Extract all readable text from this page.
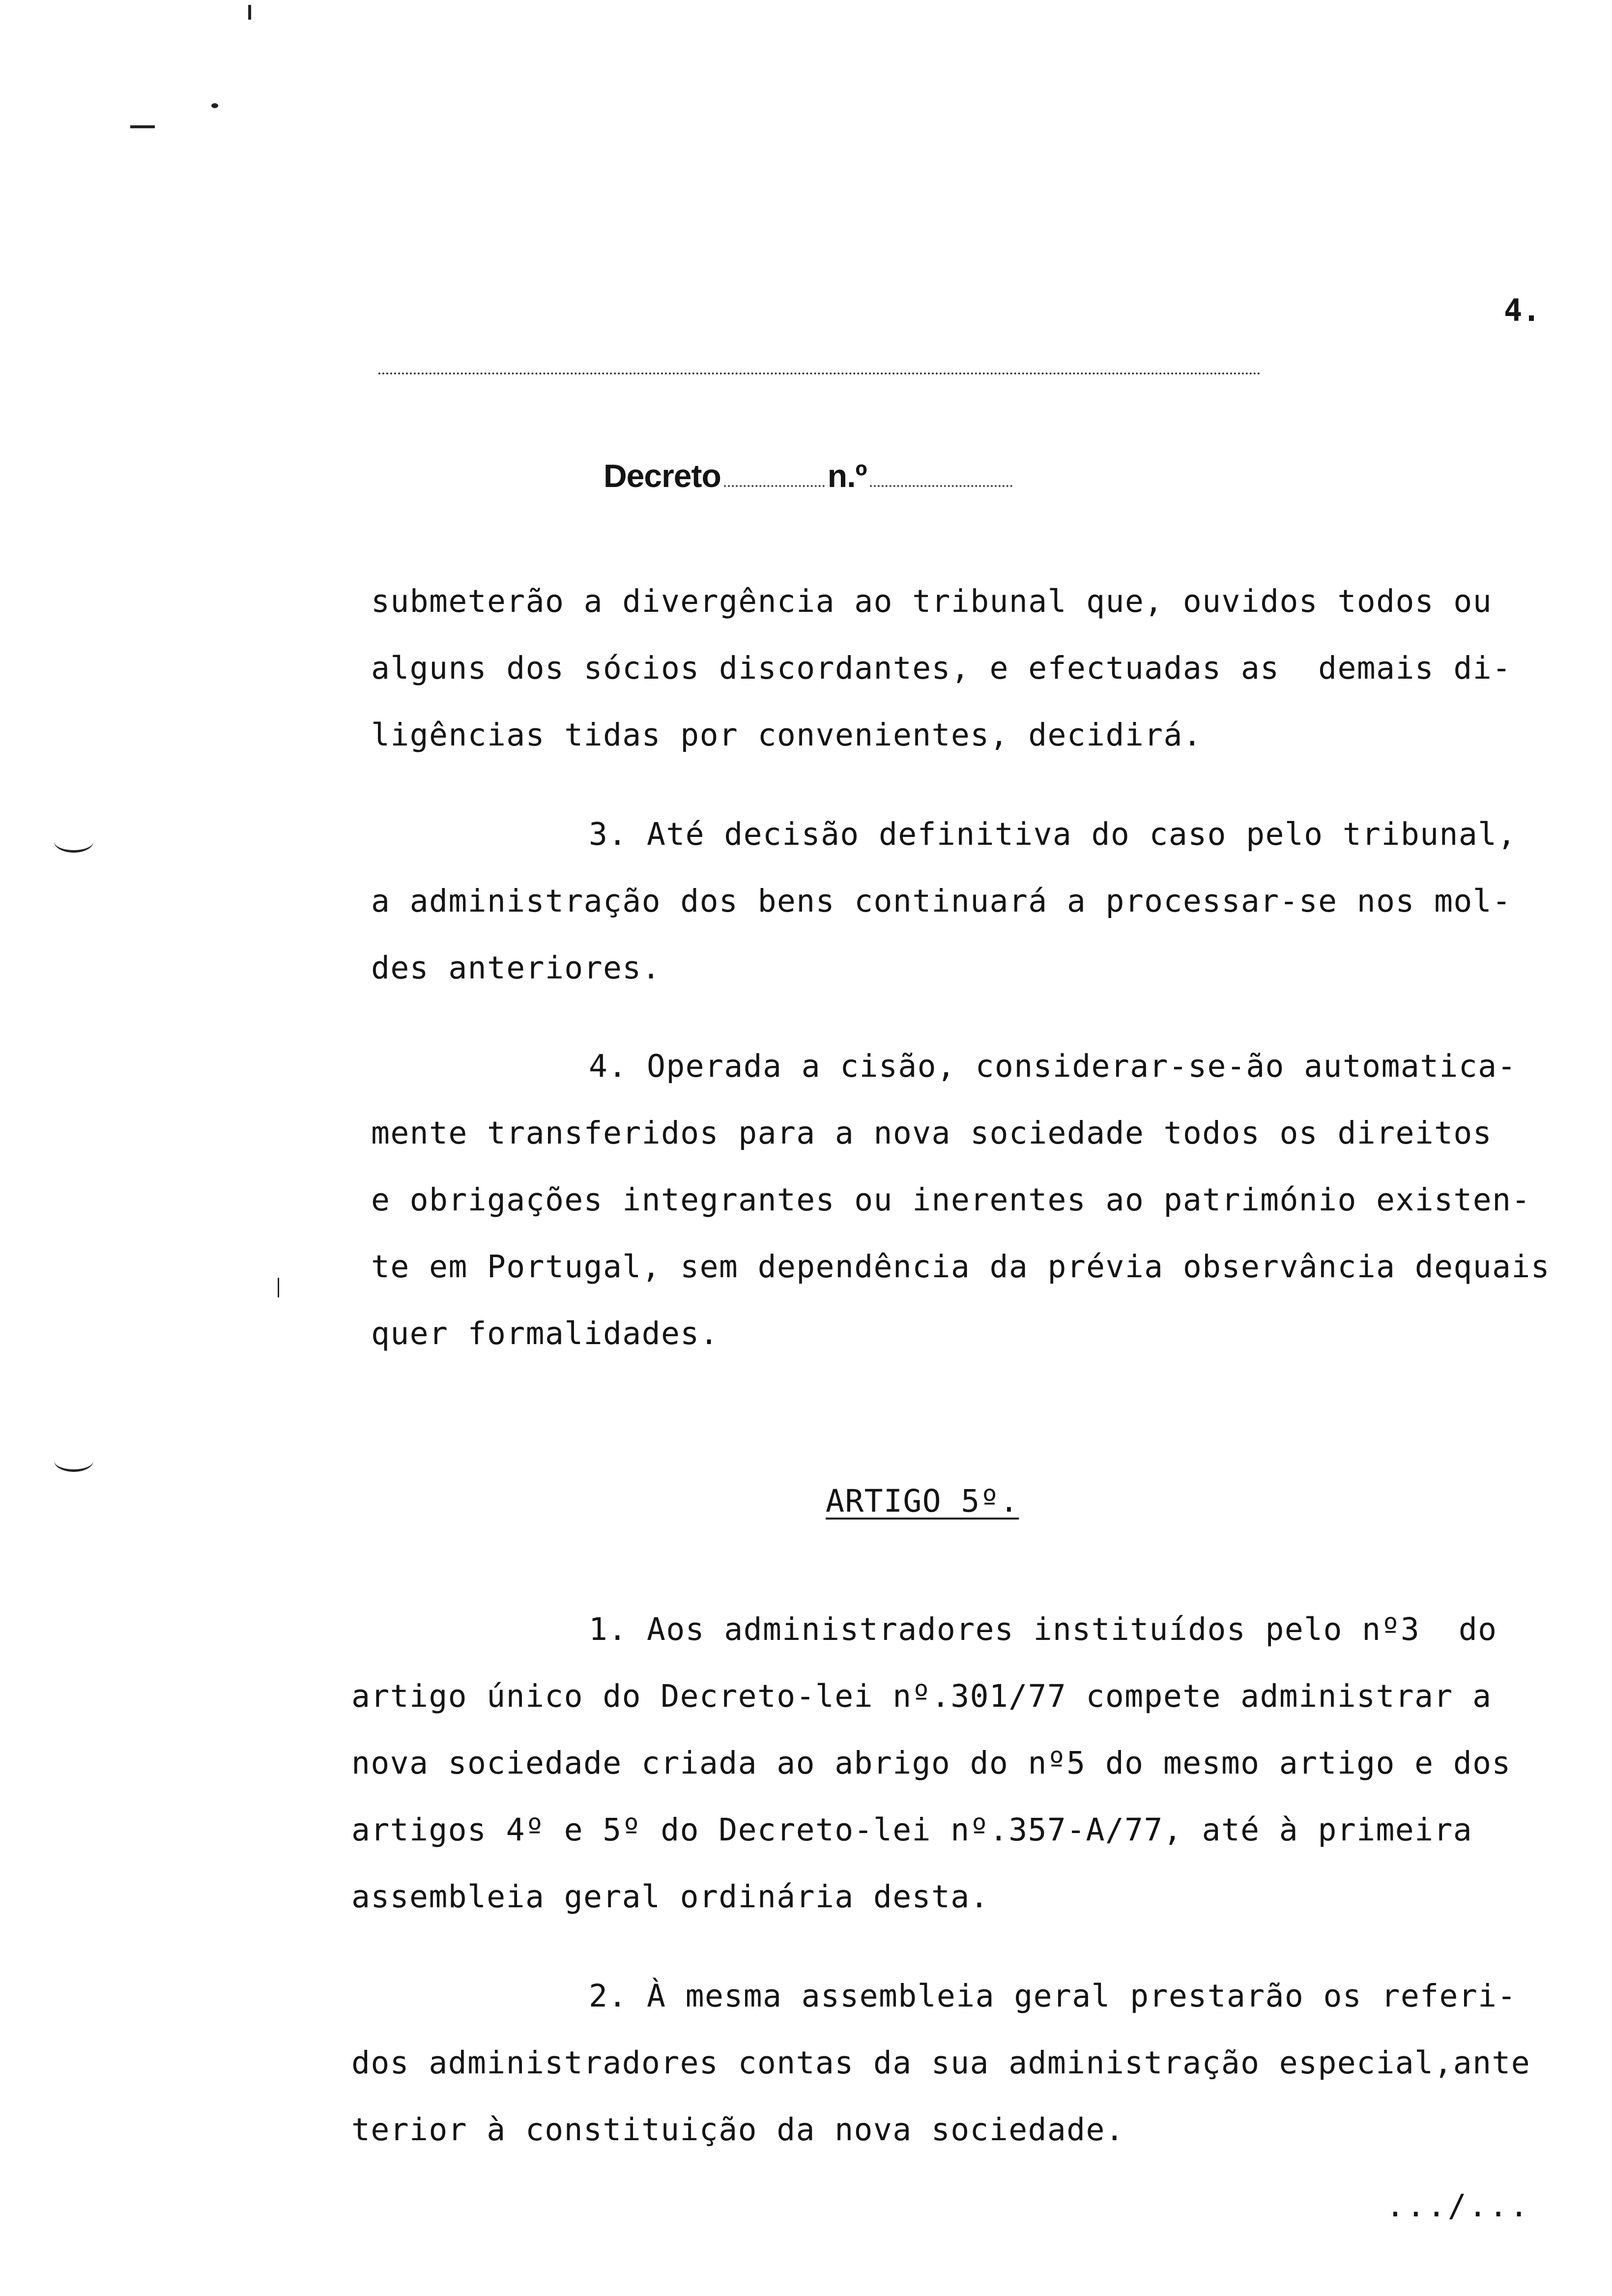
4.
Decreto	n.º
submeterão a divergência ao tribunal que, ouvidos todos ou
alguns dos sócios discordantes, e efectuadas as  demais di-
ligências tidas por convenientes, decidirá.
3. Até decisão definitiva do caso pelo tribunal,
a administração dos bens continuará a processar-se nos mol-
des anteriores.
4. Operada a cisão, considerar-se-ão automatica-
mente transferidos para a nova sociedade todos os direitos
e obrigações integrantes ou inerentes ao património existen-
te em Portugal, sem dependência da prévia observância dequais
quer formalidades.
ARTIGO 5º.
1. Aos administradores instituídos pelo nº3  do
artigo único do Decreto-lei nº.301/77 compete administrar a
nova sociedade criada ao abrigo do nº5 do mesmo artigo e dos
artigos 4º e 5º do Decreto-lei nº.357-A/77, até à primeira
assembleia geral ordinária desta.
2. À mesma assembleia geral prestarão os referi-
dos administradores contas da sua administração especial,ante
terior à constituição da nova sociedade.
.../...
